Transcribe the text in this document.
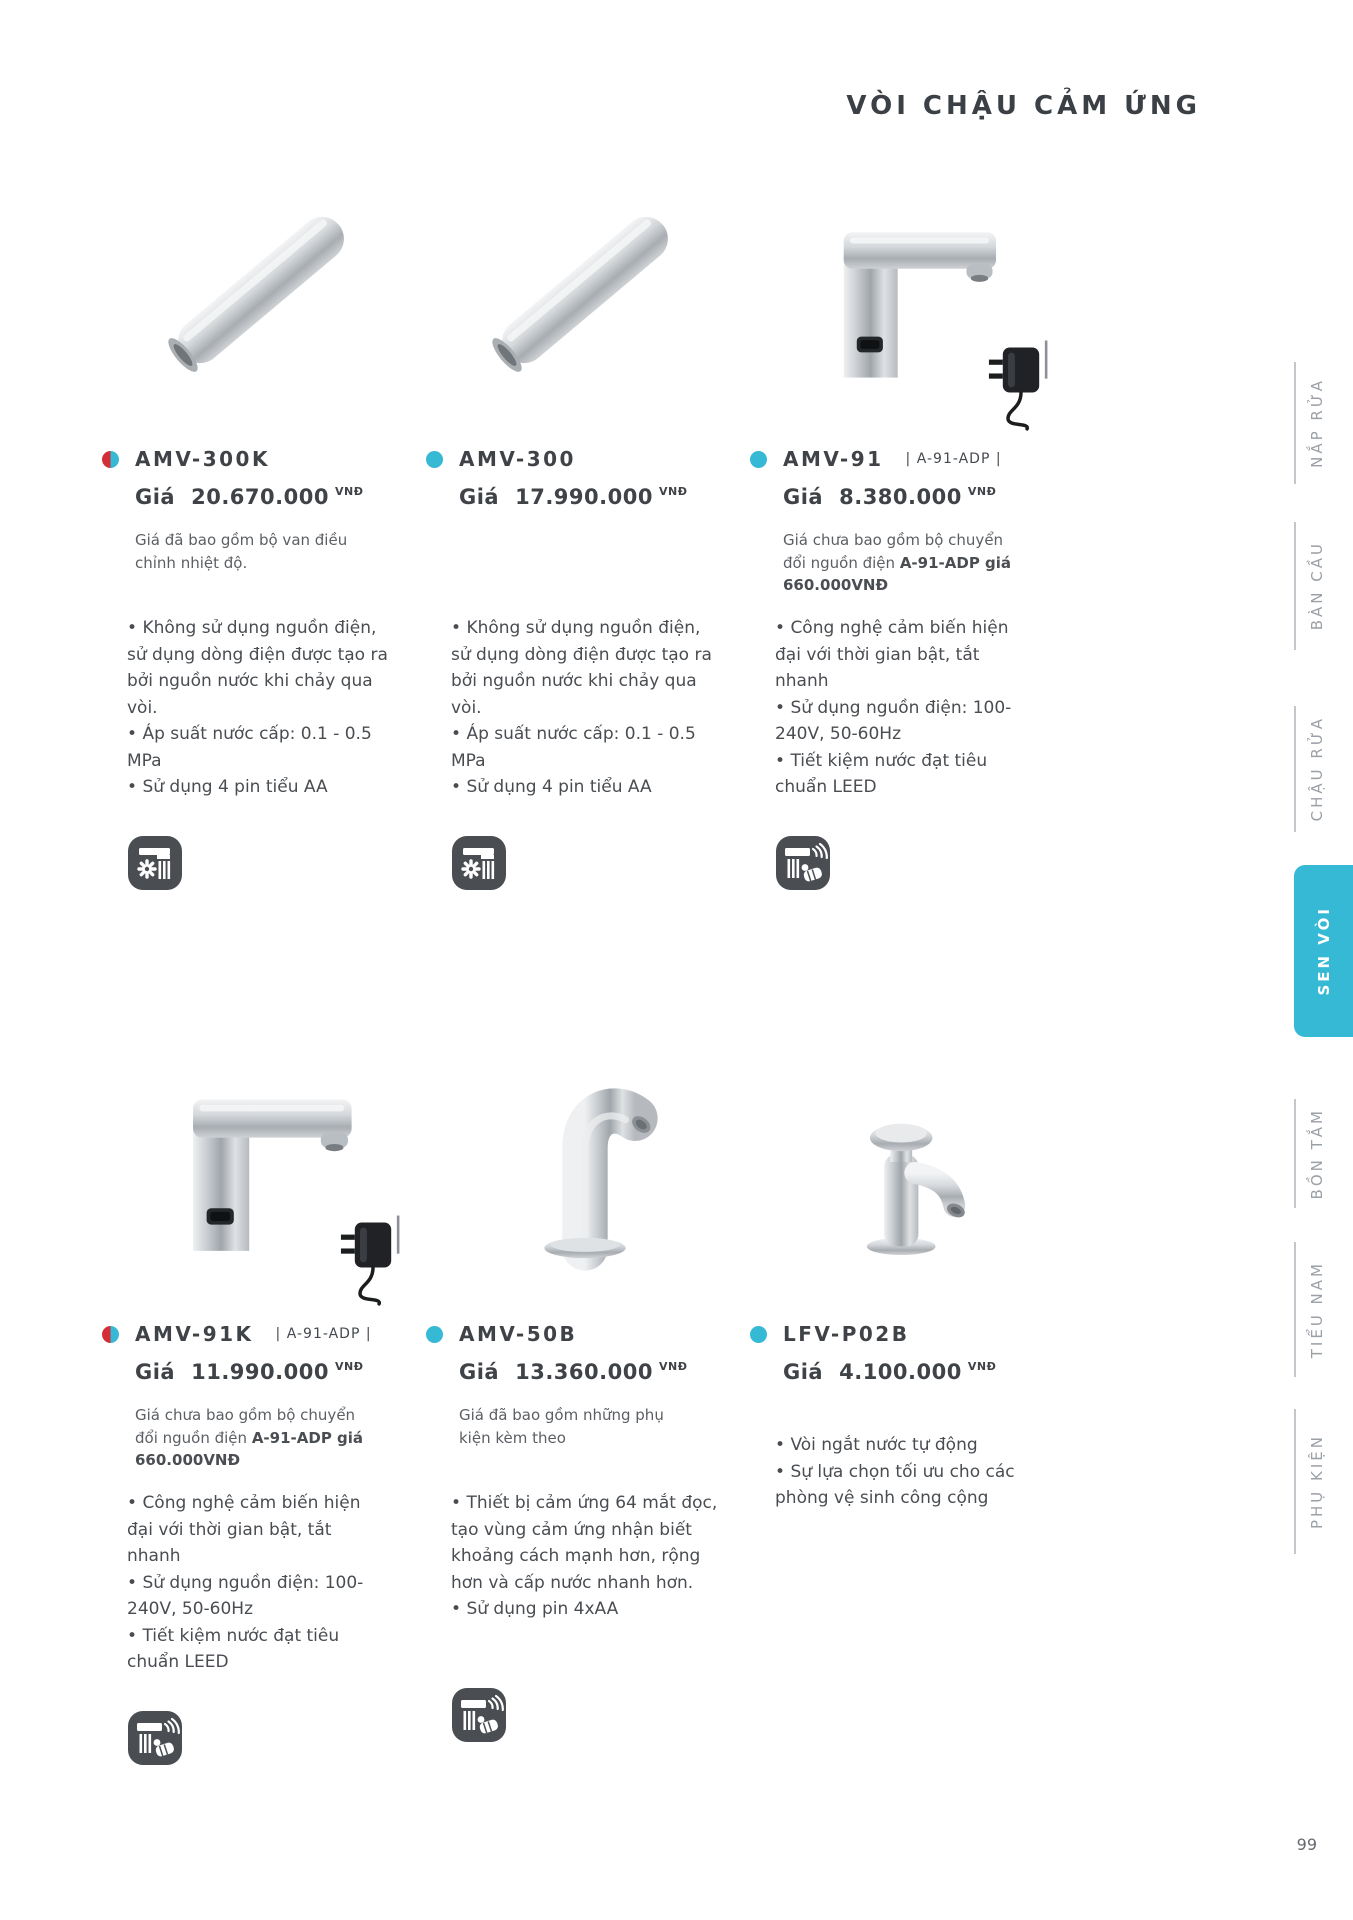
VÒI CHẬU CẢM ỨNG
NẮP RỬA
BÀN CẦU
CHẬU RỬA
SEN VÒI
BỒN TẮM
TIỂU NAM
PHỤ KIỆN
AMV-300K
Giá 20.670.000 $^{VNĐ}$

Giá đã bao gồm bộ van điều chỉnh nhiệt độ.

• Không sử dụng nguồn điện, sử dụng dòng điện được tạo ra bởi nguồn nước khi chảy qua vòi.
• Áp suất nước cấp: 0.1 - 0.5 MPa
• Sử dụng 4 pin tiểu AA
AMV-300
Giá 17.990.000 $^{VNĐ}$

• Không sử dụng nguồn điện, sử dụng dòng điện được tạo ra bởi nguồn nước khi chảy qua vòi.
• Áp suất nước cấp: 0.1 - 0.5 MPa
• Sử dụng 4 pin tiểu AA
AMV-91 | A-91-ADP |
Giá 8.380.000 $^{VNĐ}$

Giá chưa bao gồm bộ chuyển đổi nguồn điện A-91-ADP giá 660.000VNĐ

• Công nghệ cảm biến hiện đại với thời gian bật, tắt nhanh
• Sử dụng nguồn điện: 100-240V, 50-60Hz
• Tiết kiệm nước đạt tiêu chuẩn LEED
AMV-91K | A-91-ADP |
Giá 11.990.000 $^{VNĐ}$

Giá chưa bao gồm bộ chuyển đổi nguồn điện A-91-ADP giá 660.000VNĐ

• Công nghệ cảm biến hiện đại với thời gian bật, tắt nhanh
• Sử dụng nguồn điện: 100-240V, 50-60Hz
• Tiết kiệm nước đạt tiêu chuẩn LEED
AMV-50B
Giá 13.360.000 $^{VNĐ}$

Giá đã bao gồm những phụ kiện kèm theo

• Thiết bị cảm ứng 64 mắt đọc, tạo vùng cảm ứng nhận biết khoảng cách mạnh hơn, rộng hơn và cấp nước nhanh hơn.
• Sử dụng pin 4xAA
LFV-P02B
Giá 4.100.000 $^{VNĐ}$

• Vòi ngắt nước tự động
• Sự lựa chọn tối ưu cho các phòng vệ sinh công cộng
99
